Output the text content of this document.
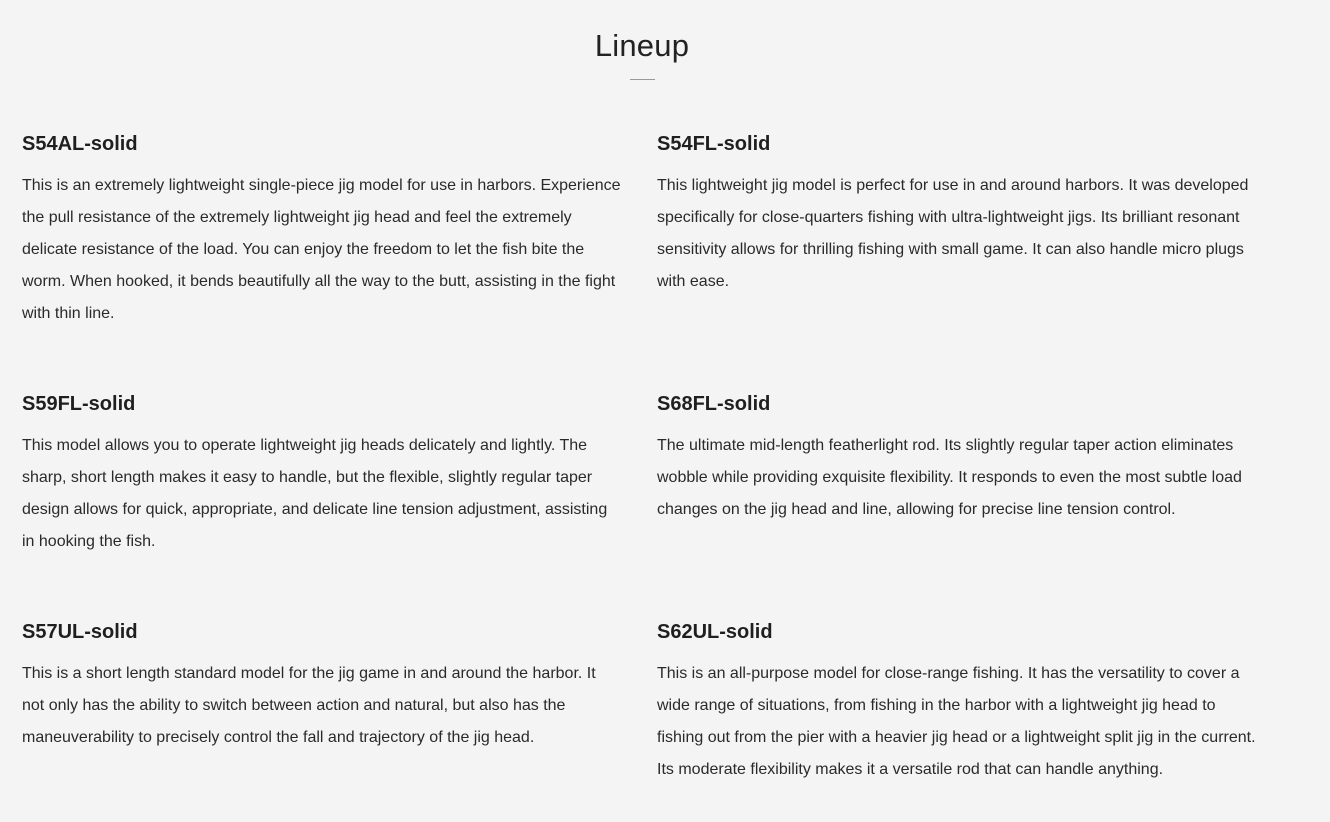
Lineup
S54AL-solid

This is an extremely lightweight single-piece jig model for use in harbors. Experience the pull resistance of the extremely lightweight jig head and feel the extremely delicate resistance of the load. You can enjoy the freedom to let the fish bite the worm. When hooked, it bends beautifully all the way to the butt, assisting in the fight with thin line.

S54FL-solid

This lightweight jig model is perfect for use in and around harbors. It was developed specifically for close-quarters fishing with ultra-lightweight jigs. Its brilliant resonant sensitivity allows for thrilling fishing with small game. It can also handle micro plugs with ease.

S59FL-solid

This model allows you to operate lightweight jig heads delicately and lightly. The sharp, short length makes it easy to handle, but the flexible, slightly regular taper design allows for quick, appropriate, and delicate line tension adjustment, assisting in hooking the fish.

S68FL-solid

The ultimate mid-length featherlight rod. Its slightly regular taper action eliminates wobble while providing exquisite flexibility. It responds to even the most subtle load changes on the jig head and line, allowing for precise line tension control.

S57UL-solid

This is a short length standard model for the jig game in and around the harbor. It not only has the ability to switch between action and natural, but also has the maneuverability to precisely control the fall and trajectory of the jig head.

S62UL-solid

This is an all-purpose model for close-range fishing. It has the versatility to cover a wide range of situations, from fishing in the harbor with a lightweight jig head to fishing out from the pier with a heavier jig head or a lightweight split jig in the current. Its moderate flexibility makes it a versatile rod that can handle anything.
